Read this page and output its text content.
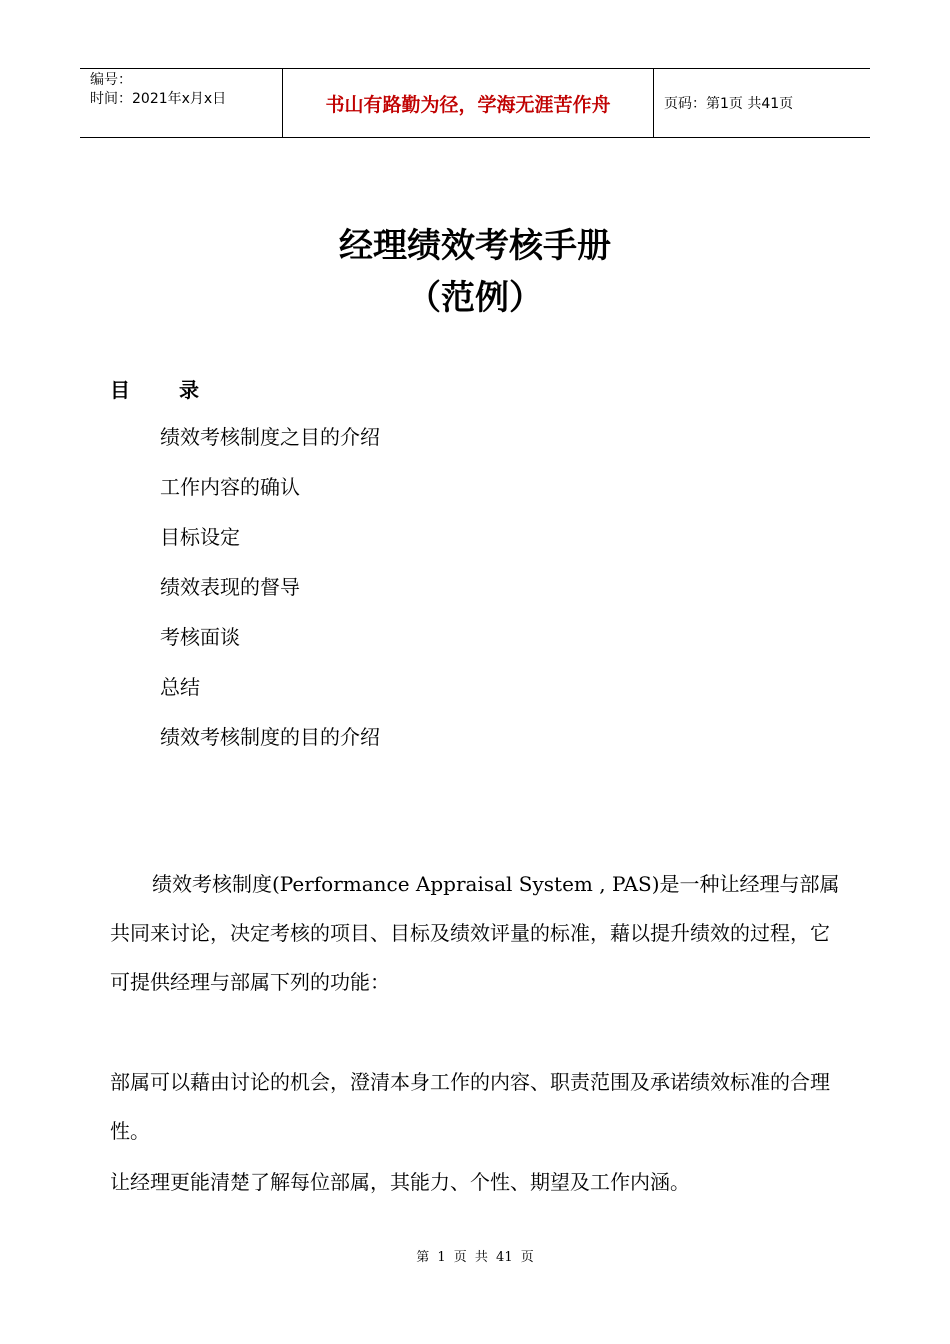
编号：
时间：2021年x月x日	书山有路勤为径，学海无涯苦作舟	页码：第1页 共41页
经理绩效考核手册
（范例）
目 录
绩效考核制度之目的介绍
工作内容的确认
目标设定
绩效表现的督导
考核面谈
总结
绩效考核制度的目的介绍

绩效考核制度(Performance Appraisal System , PAS)是一种让经理与部属共同来讨论，决定考核的项目、目标及绩效评量的标准，藉以提升绩效的过程，它可提供经理与部属下列的功能：

部属可以藉由讨论的机会，澄清本身工作的内容、职责范围及承诺绩效标准的合理性。

让经理更能清楚了解每位部属，其能力、个性、期望及工作内涵。

第 1 页 共 41 页
